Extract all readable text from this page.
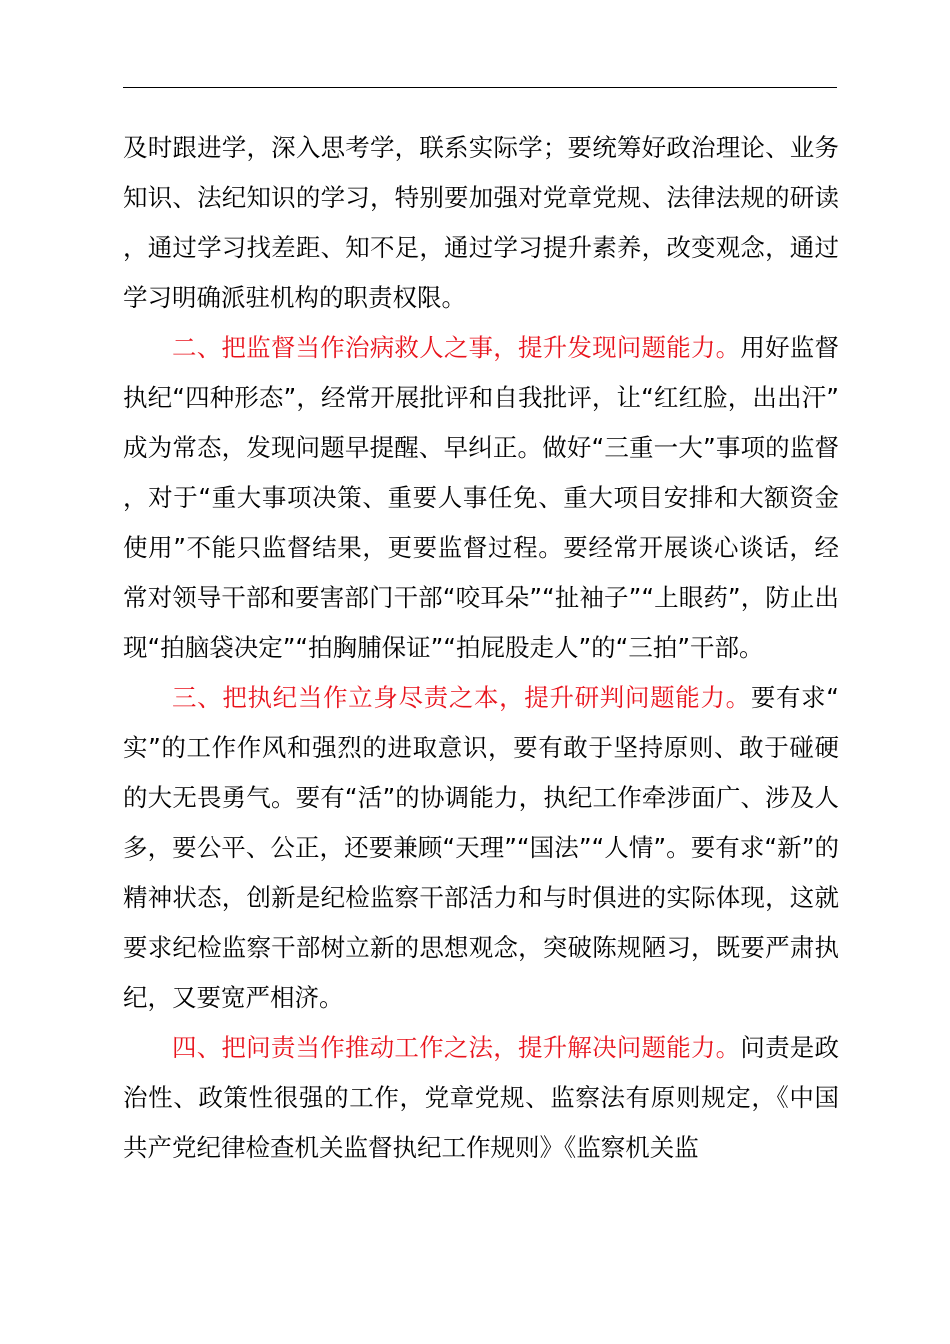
及时跟进学，深入思考学，联系实际学；要统筹好政治理论、业务知识、法纪知识的学习，特别要加强对党章党规、法律法规的研读，通过学习找差距、知不足，通过学习提升素养，改变观念，通过学习明确派驻机构的职责权限。

二、把监督当作治病救人之事，提升发现问题能力。用好监督执纪“四种形态”，经常开展批评和自我批评，让“红红脸，出出汗”成为常态，发现问题早提醒、早纠正。做好“三重一大”事项的监督，对于“重大事项决策、重要人事任免、重大项目安排和大额资金使用”不能只监督结果，更要监督过程。要经常开展谈心谈话，经常对领导干部和要害部门干部“咬耳朵”“扯袖子”“上眼药”，防止出现“拍脑袋决定”“拍胸脯保证”“拍屁股走人”的“三拍”干部。

三、把执纪当作立身尽责之本，提升研判问题能力。要有求“实”的工作作风和强烈的进取意识，要有敢于坚持原则、敢于碰硬的大无畏勇气。要有“活”的协调能力，执纪工作牵涉面广、涉及人多，要公平、公正，还要兼顾“天理”“国法”“人情”。要有求“新”的精神状态，创新是纪检监察干部活力和与时俱进的实际体现，这就要求纪检监察干部树立新的思想观念，突破陈规陋习，既要严肃执纪，又要宽严相济。

四、把问责当作推动工作之法，提升解决问题能力。问责是政治性、政策性很强的工作，党章党规、监察法有原则规定，《中国共产党纪律检查机关监督执纪工作规则》《监察机关监
